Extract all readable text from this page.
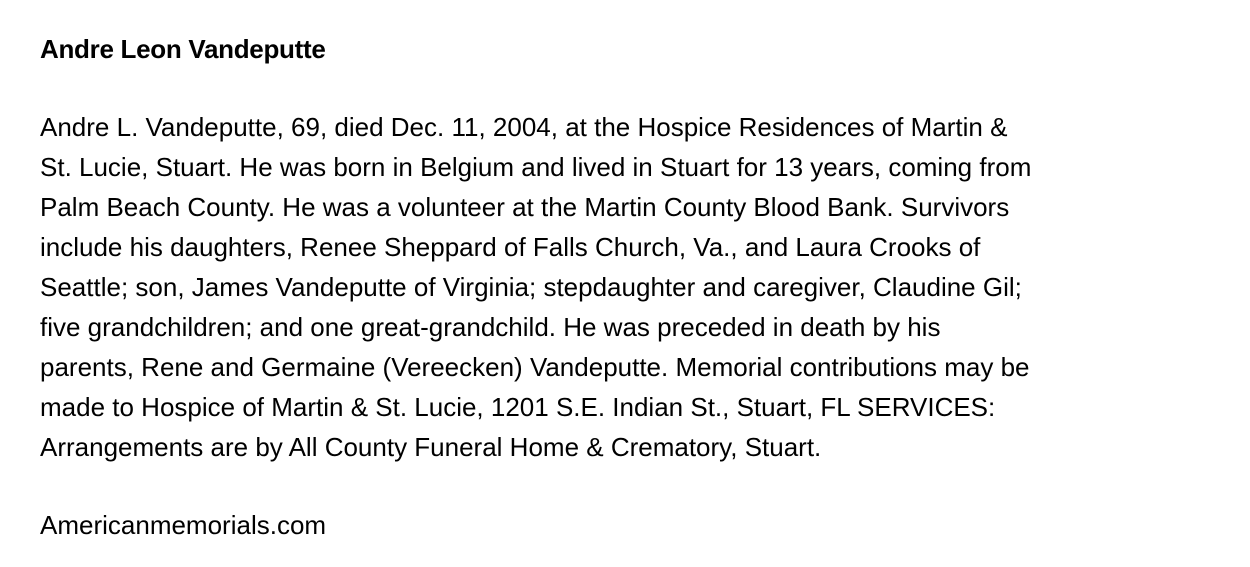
Andre Leon Vandeputte

Andre L. Vandeputte, 69, died Dec. 11, 2004, at the Hospice Residences of Martin &
St. Lucie, Stuart. He was born in Belgium and lived in Stuart for 13 years, coming from
Palm Beach County. He was a volunteer at the Martin County Blood Bank. Survivors
include his daughters, Renee Sheppard of Falls Church, Va., and Laura Crooks of
Seattle; son, James Vandeputte of Virginia; stepdaughter and caregiver, Claudine Gil;
five grandchildren; and one great-grandchild. He was preceded in death by his
parents, Rene and Germaine (Vereecken) Vandeputte. Memorial contributions may be
made to Hospice of Martin & St. Lucie, 1201 S.E. Indian St., Stuart, FL SERVICES:
Arrangements are by All County Funeral Home & Crematory, Stuart.

Americanmemorials.com
